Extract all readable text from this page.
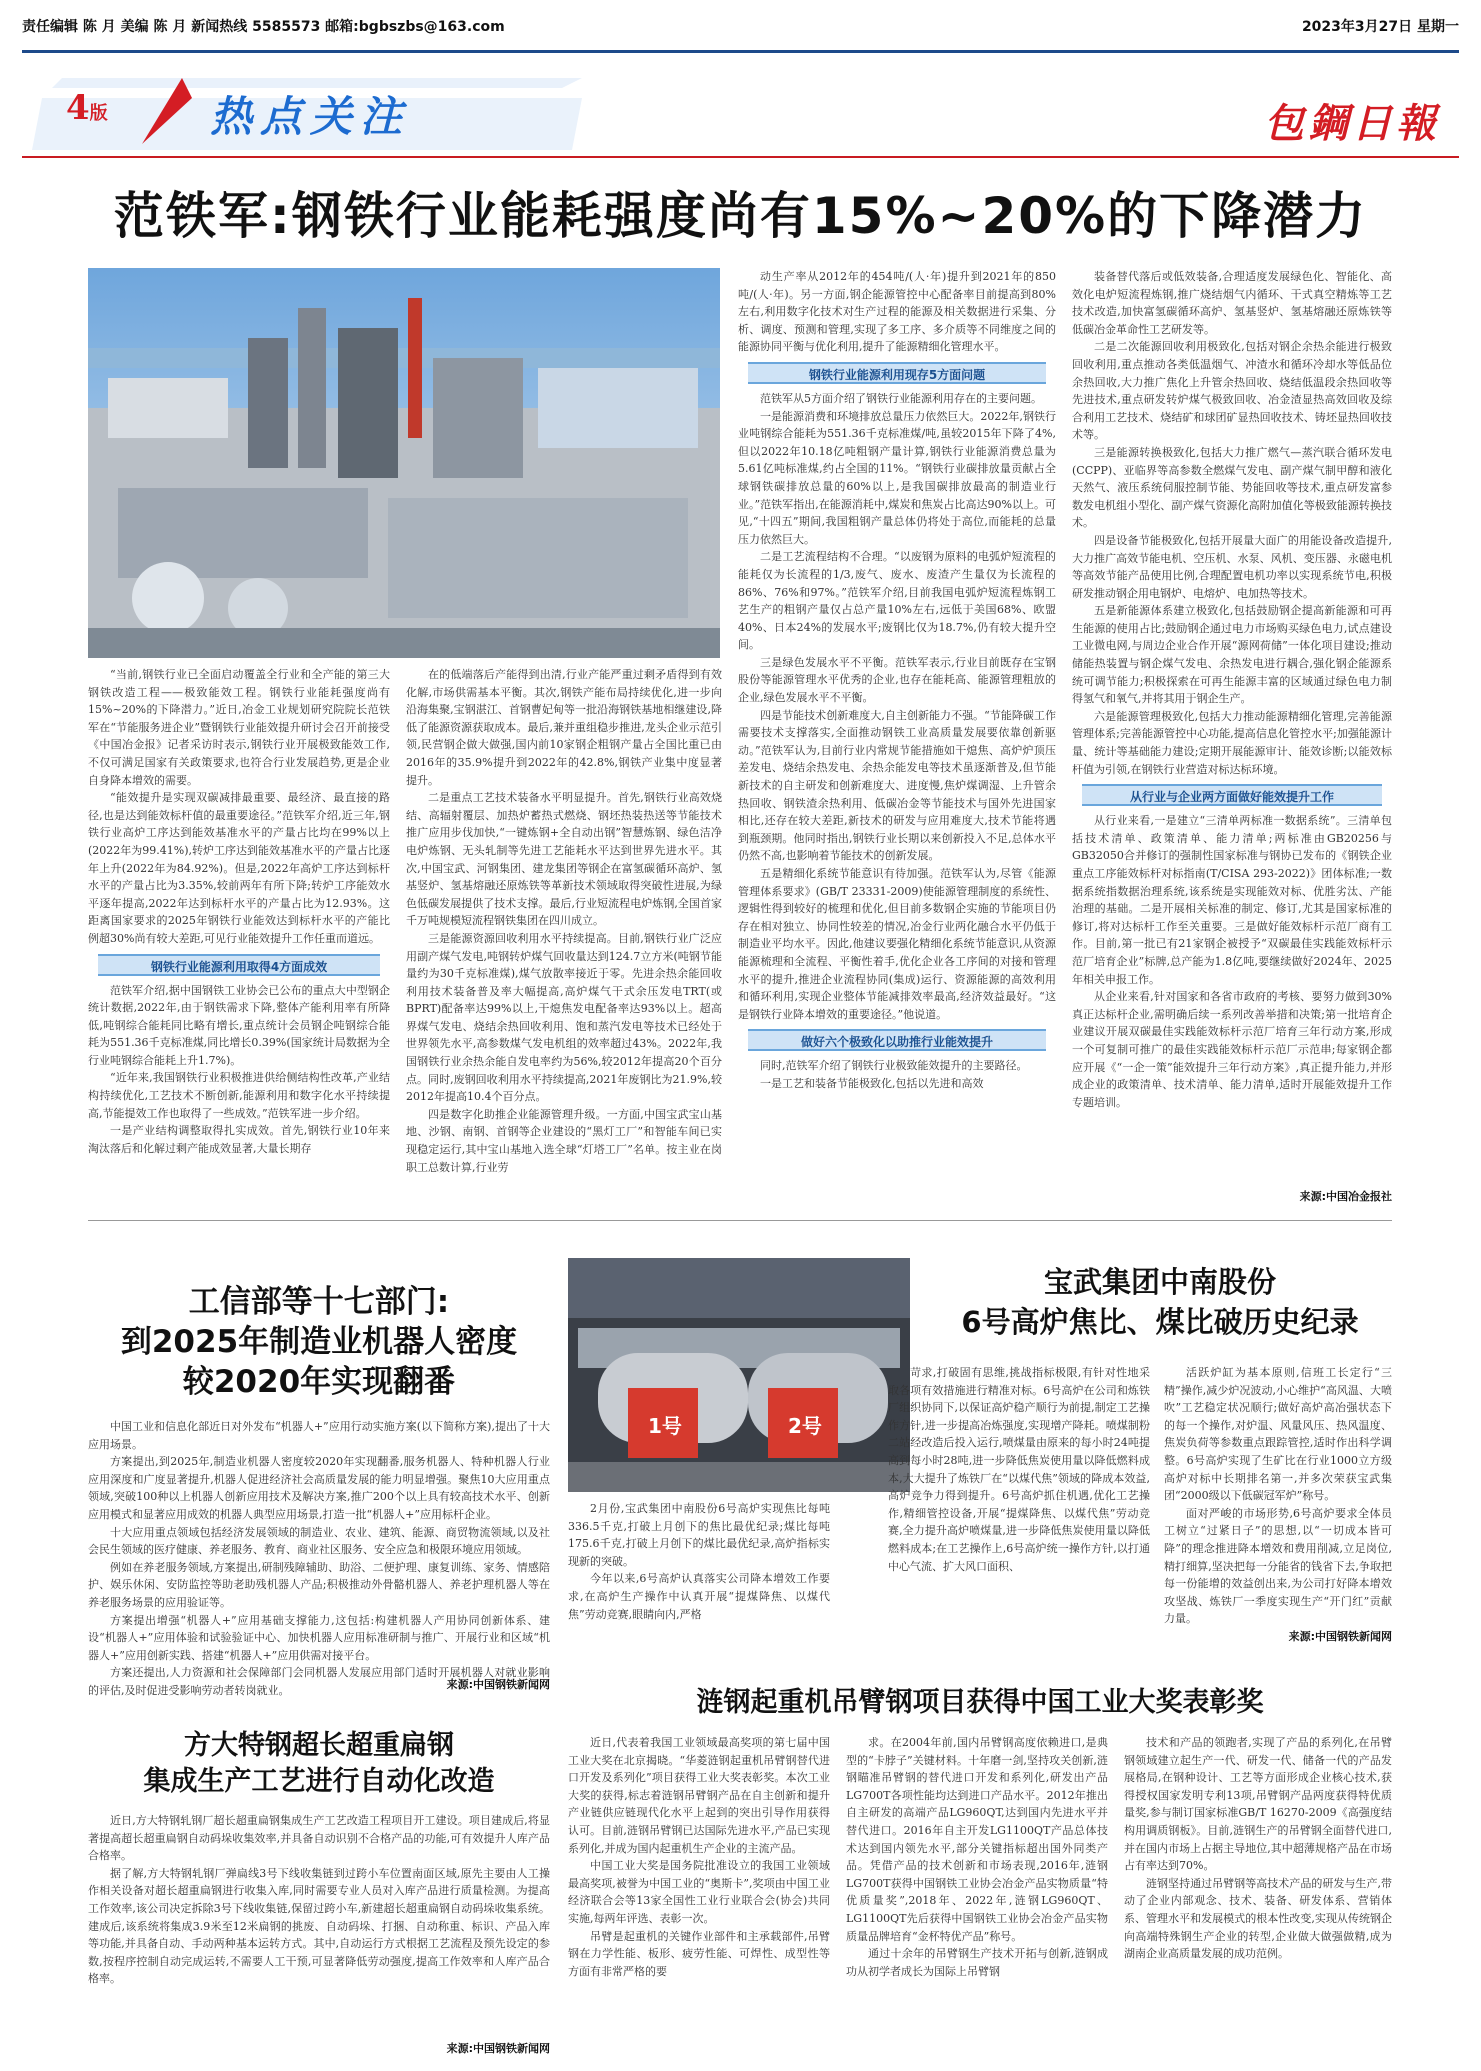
责任编辑 陈 月 美编 陈 月 新闻热线 5585573 邮箱:bgbszbs@163.com	2023年3月27日 星期一
4版 热点关注	包鋼日報
范铁军:钢铁行业能耗强度尚有15%~20%的下降潜力

“当前,钢铁行业已全面启动覆盖全行业和全产能的第三大钢铁改造工程——极致能效工程。钢铁行业能耗强度尚有15%~20%的下降潜力。”近日,冶金工业规划研究院院长范铁军在“节能服务进企业”暨钢铁行业能效提升研讨会召开前接受《中国冶金报》记者采访时表示,钢铁行业开展极致能效工作,不仅可满足国家有关政策要求,也符合行业发展趋势,更是企业自身降本增效的需要。

“能效提升是实现双碳减排最重要、最经济、最直接的路径,也是达到能效标杆值的最重要途径。”范铁军介绍,近三年,钢铁行业高炉工序达到能效基准水平的产量占比均在99%以上(2022年为99.41%),转炉工序达到能效基准水平的产量占比逐年上升(2022年为84.92%)。但是,2022年高炉工序达到标杆水平的产量占比为3.35%,较前两年有所下降;转炉工序能效水平逐年提高,2022年达到标杆水平的产量占比为12.93%。这距离国家要求的2025年钢铁行业能效达到标杆水平的产能比例超30%尚有较大差距,可见行业能效提升工作任重而道远。

钢铁行业能源利用取得4方面成效

范铁军介绍,据中国钢铁工业协会已公布的重点大中型钢企统计数据,2022年,由于钢铁需求下降,整体产能利用率有所降低,吨钢综合能耗同比略有增长,重点统计会员钢企吨钢综合能耗为551.36千克标准煤,同比增长0.39%(国家统计局数据为全行业吨钢综合能耗上升1.7%)。

“近年来,我国钢铁行业积极推进供给侧结构性改革,产业结构持续优化,工艺技术不断创新,能源利用和数字化水平持续提高,节能提效工作也取得了一些成效。”范铁军进一步介绍。

一是产业结构调整取得扎实成效。首先,钢铁行业10年来淘汰落后和化解过剩产能成效显著,大量长期存

在的低端落后产能得到出清,行业产能严重过剩矛盾得到有效化解,市场供需基本平衡。其次,钢铁产能布局持续优化,进一步向沿海集聚,宝钢湛江、首钢曹妃甸等一批沿海钢铁基地相继建设,降低了能源资源获取成本。最后,兼并重组稳步推进,龙头企业示范引领,民营钢企做大做强,国内前10家钢企粗钢产量占全国比重已由2016年的35.9%提升到2022年的42.8%,钢铁产业集中度显著提升。

二是重点工艺技术装备水平明显提升。首先,钢铁行业高效烧结、高辐射覆层、加热炉蓄热式燃烧、钢坯热装热送等节能技术推广应用步伐加快,“一键炼钢+全自动出钢”智慧炼钢、绿色洁净电炉炼钢、无头轧制等先进工艺能耗水平达到世界先进水平。其次,中国宝武、河钢集团、建龙集团等钢企在富氢碳循环高炉、氢基竖炉、氢基熔融还原炼铁等革新技术领域取得突破性进展,为绿色低碳发展提供了技术支撑。最后,行业短流程电炉炼钢,全国首家千万吨规模短流程钢铁集团在四川成立。

三是能源资源回收利用水平持续提高。目前,钢铁行业广泛应用副产煤气发电,吨钢转炉煤气回收量达到124.7立方米(吨钢节能量约为30千克标准煤),煤气放散率接近于零。先进余热余能回收利用技术装备普及率大幅提高,高炉煤气干式余压发电TRT(或BPRT)配备率达99%以上,干熄焦发电配备率达93%以上。超高界煤气发电、烧结余热回收利用、饱和蒸汽发电等技术已经处于世界领先水平,高参数煤气发电机组的效率超过43%。2022年,我国钢铁行业余热余能自发电率约为56%,较2012年提高20个百分点。同时,废钢回收利用水平持续提高,2021年废钢比为21.9%,较2012年提高10.4个百分点。

四是数字化助推企业能源管理升级。一方面,中国宝武宝山基地、沙钢、南钢、首钢等企业建设的“黑灯工厂”和智能车间已实现稳定运行,其中宝山基地入选全球“灯塔工厂”名单。按主业在岗职工总数计算,行业劳

动生产率从2012年的454吨/(人·年)提升到2021年的850吨/(人·年)。另一方面,钢企能源管控中心配备率目前提高到80%左右,利用数字化技术对生产过程的能源及相关数据进行采集、分析、调度、预测和管理,实现了多工序、多介质等不同维度之间的能源协同平衡与优化利用,提升了能源精细化管理水平。

钢铁行业能源利用现存5方面问题

范铁军从5方面介绍了钢铁行业能源利用存在的主要问题。

一是能源消费和环境排放总量压力依然巨大。2022年,钢铁行业吨钢综合能耗为551.36千克标准煤/吨,虽较2015年下降了4%,但以2022年10.18亿吨粗钢产量计算,钢铁行业能源消费总量为5.61亿吨标准煤,约占全国的11%。“钢铁行业碳排放量贡献占全球钢铁碳排放总量的60%以上,是我国碳排放最高的制造业行业。”范铁军指出,在能源消耗中,煤炭和焦炭占比高达90%以上。可见,“十四五”期间,我国粗钢产量总体仍将处于高位,而能耗的总量压力依然巨大。

二是工艺流程结构不合理。“以废钢为原料的电弧炉短流程的能耗仅为长流程的1/3,废气、废水、废渣产生量仅为长流程的86%、76%和97%。”范铁军介绍,目前我国电弧炉短流程炼钢工艺生产的粗钢产量仅占总产量10%左右,远低于美国68%、欧盟40%、日本24%的发展水平;废钢比仅为18.7%,仍有较大提升空间。

三是绿色发展水平不平衡。范铁军表示,行业目前既存在宝钢股份等能源管理水平优秀的企业,也存在能耗高、能源管理粗放的企业,绿色发展水平不平衡。

四是节能技术创新难度大,自主创新能力不强。“节能降碳工作需要技术支撑落实,全面推动钢铁工业高质量发展要依靠创新驱动。”范铁军认为,目前行业内常规节能措施如干熄焦、高炉炉顶压差发电、烧结余热发电、余热余能发电等技术虽逐渐普及,但节能新技术的自主研发和创新难度大、进度慢,焦炉煤调湿、上升管余热回收、钢铁渣余热利用、低碳冶金等节能技术与国外先进国家相比,还存在较大差距,新技术的研发与应用难度大,技术节能将遇到瓶颈期。他同时指出,钢铁行业长期以来创新投入不足,总体水平仍然不高,也影响着节能技术的创新发展。

五是精细化系统节能意识有待加强。范铁军认为,尽管《能源管理体系要求》(GB/T 23331-2009)使能源管理制度的系统性、逻辑性得到较好的梳理和优化,但目前多数钢企实施的节能项目仍存在相对独立、协同性较差的情况,冶金行业两化融合水平仍低于制造业平均水平。因此,他建议要强化精细化系统节能意识,从资源能源梳理和全流程、平衡性着手,优化企业各工序间的对接和管理水平的提升,推进企业流程协同(集成)运行、资源能源的高效利用和循环利用,实现企业整体节能减排效率最高,经济效益最好。“这是钢铁行业降本增效的重要途径。”他说道。

做好六个极致化以助推行业能效提升

同时,范铁军介绍了钢铁行业极致能效提升的主要路径。

一是工艺和装备节能极致化,包括以先进和高效

装备替代落后或低效装备,合理适度发展绿色化、智能化、高效化电炉短流程炼钢,推广烧结烟气内循环、干式真空精炼等工艺技术改造,加快富氢碳循环高炉、氢基竖炉、氢基熔融还原炼铁等低碳冶金革命性工艺研发等。

二是二次能源回收利用极致化,包括对钢企余热余能进行极致回收利用,重点推动各类低温烟气、冲渣水和循环冷却水等低品位余热回收,大力推广焦化上升管余热回收、烧结低温段余热回收等先进技术,重点研发转炉煤气极致回收、冶金渣显热高效回收及综合利用工艺技术、烧结矿和球团矿显热回收技术、铸坯显热回收技术等。

三是能源转换极致化,包括大力推广燃气—蒸汽联合循环发电(CCPP)、亚临界等高参数全燃煤气发电、副产煤气制甲醇和液化天然气、液压系统伺服控制节能、势能回收等技术,重点研发富参数发电机组小型化、副产煤气资源化高附加值化等极致能源转换技术。

四是设备节能极致化,包括开展量大面广的用能设备改造提升,大力推广高效节能电机、空压机、水泵、风机、变压器、永磁电机等高效节能产品使用比例,合理配置电机功率以实现系统节电,积极研发推动钢企用电钢炉、电熔炉、电加热等技术。

五是新能源体系建立极致化,包括鼓励钢企提高新能源和可再生能源的使用占比;鼓励钢企通过电力市场购买绿色电力,试点建设工业微电网,与周边企业合作开展“源网荷储”一体化项目建设;推动储能热装置与钢企煤气发电、余热发电进行耦合,强化钢企能源系统可调节能力;积极探索在可再生能源丰富的区域通过绿色电力制得氢气和氧气,并将其用于钢企生产。

六是能源管理极致化,包括大力推动能源精细化管理,完善能源管理体系;完善能源管控中心功能,提高信息化管控水平;加强能源计量、统计等基础能力建设;定期开展能源审计、能效诊断;以能效标杆值为引领,在钢铁行业营造对标达标环境。

从行业与企业两方面做好能效提升工作

从行业来看,一是建立“三清单两标准一数据系统”。三清单包括技术清单、政策清单、能力清单;两标准由GB20256与GB32050合并修订的强制性国家标准与钢协已发布的《钢铁企业重点工序能效标杆对标指南(T/CISA 293-2022)》团体标准;一数据系统指数据治理系统,该系统是实现能效对标、优胜劣汰、产能治理的基础。二是开展相关标准的制定、修订,尤其是国家标准的修订,将对达标杆工作至关重要。三是做好能效标杆示范厂商有工作。目前,第一批已有21家钢企被授予“双碳最佳实践能效标杆示范厂培育企业”标牌,总产能为1.8亿吨,要继续做好2024年、2025年相关申报工作。

从企业来看,针对国家和各省市政府的考核、要努力做到30%真正达标杆企业,需明确后续一系列改善举措和决策;第一批培育企业建议开展双碳最佳实践能效标杆示范厂培育三年行动方案,形成一个可复制可推广的最佳实践能效标杆示范厂示范串;每家钢企都应开展《“一企一策”能效提升三年行动方案》,真正提升能力,并形成企业的政策清单、技术清单、能力清单,适时开展能效提升工作专题培训。

来源:中国冶金报社
工信部等十七部门:
到2025年制造业机器人密度
较2020年实现翻番

中国工业和信息化部近日对外发布“机器人+”应用行动实施方案(以下简称方案),提出了十大应用场景。

方案提出,到2025年,制造业机器人密度较2020年实现翻番,服务机器人、特种机器人行业应用深度和广度显著提升,机器人促进经济社会高质量发展的能力明显增强。聚焦10大应用重点领域,突破100种以上机器人创新应用技术及解决方案,推广200个以上具有较高技术水平、创新应用模式和显著应用成效的机器人典型应用场景,打造一批“机器人+”应用标杆企业。

十大应用重点领域包括经济发展领域的制造业、农业、建筑、能源、商贸物流领域,以及社会民生领域的医疗健康、养老服务、教育、商业社区服务、安全应急和极限环境应用领域。

例如在养老服务领域,方案提出,研制残障辅助、助浴、二便护理、康复训练、家务、情感陪护、娱乐休闲、安防监控等助老助残机器人产品;积极推动外骨骼机器人、养老护理机器人等在养老服务场景的应用验证等。

方案提出增强“机器人+”应用基础支撑能力,这包括:构建机器人产用协同创新体系、建设“机器人+”应用体验和试验验证中心、加快机器人应用标准研制与推广、开展行业和区域“机器人+”应用创新实践、搭建“机器人+”应用供需对接平台。

方案还提出,人力资源和社会保障部门会同机器人发展应用部门适时开展机器人对就业影响的评估,及时促进受影响劳动者转岗就业。	来源:中国钢铁新闻网
方大特钢超长超重扁钢
集成生产工艺进行自动化改造

近日,方大特钢轧钢厂超长超重扁钢集成生产工艺改造工程项目开工建设。项目建成后,将显著提高超长超重扁钢自动码垛收集效率,并具备自动识别不合格产品的功能,可有效提升人库产品合格率。

据了解,方大特钢轧钢厂弹扁线3号下线收集链到过跨小车位置南面区域,原先主要由人工操作相关设备对超长超重扁钢进行收集入库,同时需要专业人员对入库产品进行质量检测。为提高工作效率,该公司决定拆除3号下线收集链,保留过跨小车,新建超长超重扁钢自动码垛收集系统。建成后,该系统将集成3.9米至12米扁钢的挑废、自动码垛、打捆、自动称重、标识、产品入库等功能,并具备自动、手动两种基本运转方式。其中,自动运行方式根据工艺流程及预先设定的参数,按程序控制自动完成运转,不需要人工干预,可显著降低劳动强度,提高工作效率和人库产品合格率。

来源:中国钢铁新闻网
1号	2号
宝武集团中南股份
6号高炉焦比、煤比破历史纪录

2月份,宝武集团中南股份6号高炉实现焦比每吨336.5千克,打破上月创下的焦比最优纪录;煤比每吨175.6千克,打破上月创下的煤比最优纪录,高炉指标实现新的突破。

今年以来,6号高炉认真落实公司降本增效工作要求,在高炉生产操作中认真开展“提煤降焦、以煤代焦”劳动竞赛,眼睛向内,严格

苛求,打破固有思维,挑战指标极限,有针对性地采取各项有效措施进行精准对标。6号高炉在公司和炼铁厂组织协同下,以保证高炉稳产顺行为前提,制定工艺操作方针,进一步提高冶炼强度,实现增产降耗。喷煤制粉二站经改造后投入运行,喷煤量由原来的每小时24吨提高到每小时28吨,进一步降低焦炭使用量以降低燃料成本,大大提升了炼铁厂在“以煤代焦”领域的降成本效益,高炉竞争力得到提升。6号高炉抓住机遇,优化工艺操作,精细管控设备,开展“提煤降焦、以煤代焦”劳动竞赛,全力提升高炉喷煤量,进一步降低焦炭使用量以降低燃料成本;在工艺操作上,6号高炉统一操作方针,以打通中心气流、扩大风口面积、

活跃炉缸为基本原则,信班工长定行“三精”操作,减少炉况波动,小心维护“高风温、大喷吹”工艺稳定状况顺行;做好高炉高冶强状态下的每一个操作,对炉温、风量风压、热风温度、焦炭负荷等参数重点跟踪管控,适时作出科学调整。6号高炉实现了生矿比在行业1000立方级高炉对标中长期排名第一,并多次荣获宝武集团“2000级以下低碳冠军炉”称号。

面对严峻的市场形势,6号高炉要求全体员工树立“过紧日子”的思想,以“一切成本皆可降”的理念推进降本增效和费用削减,立足岗位,精打细算,坚决把每一分能省的钱省下去,争取把每一份能增的效益创出来,为公司打好降本增效攻坚战、炼铁厂一季度实现生产“开门红”贡献力量。

来源:中国钢铁新闻网
涟钢起重机吊臂钢项目获得中国工业大奖表彰奖

近日,代表着我国工业领域最高奖项的第七届中国工业大奖在北京揭晓。“华菱涟钢起重机吊臂钢替代进口开发及系列化”项目获得工业大奖表彰奖。本次工业大奖的获得,标志着涟钢吊臂钢产品在自主创新和提升产业链供应链现代化水平上起到的突出引导作用获得认可。目前,涟钢吊臂钢已达国际先进水平,产品已实现系列化,并成为国内起重机生产企业的主流产品。

中国工业大奖是国务院批准设立的我国工业领域最高奖项,被誉为中国工业的“奥斯卡”,奖项由中国工业经济联合会等13家全国性工业行业联合会(协会)共同实施,每两年评选、表彰一次。

吊臂是起重机的关键作业部件和主承载部件,吊臂钢在力学性能、板形、疲劳性能、可焊性、成型性等方面有非常严格的要

求。在2004年前,国内吊臂钢高度依赖进口,是典型的“卡脖子”关键材料。十年磨一剑,坚持攻关创新,涟钢瞄准吊臂钢的替代进口开发和系列化,研发出产品LG700T各项性能均达到进口产品水平。2012年推出自主研发的高端产品LG960QT,达到国内先进水平并替代进口。2016年自主开发LG1100QT产品总体技术达到国内领先水平,部分关键指标超出国外同类产品。凭借产品的技术创新和市场表现,2016年,涟钢LG700T获得中国钢铁工业协会冶金产品实物质量“特优质量奖”,2018年、2022年,涟钢LG960QT、LG1100QT先后获得中国钢铁工业协会冶金产品实物质量品牌培育“金杯特优产品”称号。

通过十余年的吊臂钢生产技术开拓与创新,涟钢成功从初学者成长为国际上吊臂钢

技术和产品的领跑者,实现了产品的系列化,在吊臂钢领域建立起生产一代、研发一代、储备一代的产品发展格局,在钢种设计、工艺等方面形成企业核心技术,获得授权国家发明专利13项,吊臂钢产品两度获得特优质量奖,参与制订国家标准GB/T 16270-2009《高强度结构用调质钢板》。目前,涟钢生产的吊臂钢全面替代进口,并在国内市场上占据主导地位,其中超薄规格产品在市场占有率达到70%。

涟钢坚持通过吊臂钢等高技术产品的研发与生产,带动了企业内部观念、技术、装备、研发体系、营销体系、管理水平和发展模式的根本性改变,实现从传统钢企向高端特殊钢生产企业的转型,企业做大做强做精,成为湖南企业高质量发展的成功范例。
